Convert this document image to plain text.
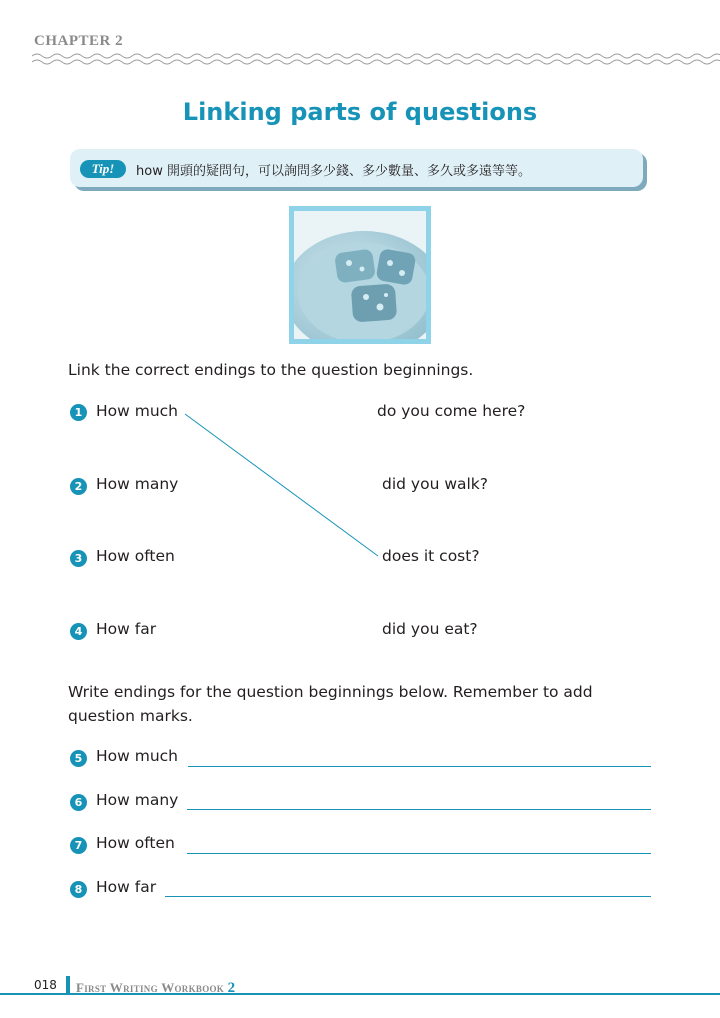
CHAPTER 2
Linking parts of questions
Tip!	how 開頭的疑問句，可以詢問多少錢、多少數量、多久或多遠等等。
Link the correct endings to the question beginnings.
1 How much	do you come here?
2 How many	did you walk?
3 How often	does it cost?
4 How far	did you eat?
Write endings for the question beginnings below. Remember to add question marks.
5 How much
6 How many
7 How often
8 How far
018 First Writing Workbook 2
